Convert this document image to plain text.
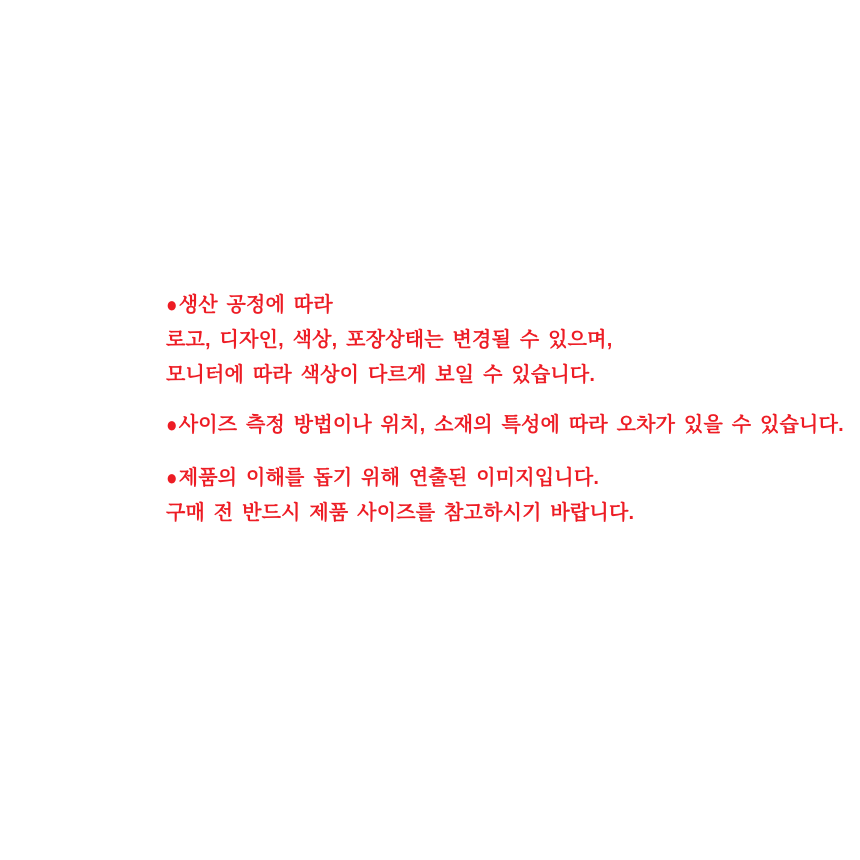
●생산 공정에 따라
로고, 디자인, 색상, 포장상태는 변경될 수 있으며,
모니터에 따라 색상이 다르게 보일 수 있습니다.

●사이즈 측정 방법이나 위치, 소재의 특성에 따라 오차가 있을 수 있습니다.

●제품의 이해를 돕기 위해 연출된 이미지입니다.
구매 전 반드시 제품 사이즈를 참고하시기 바랍니다.
